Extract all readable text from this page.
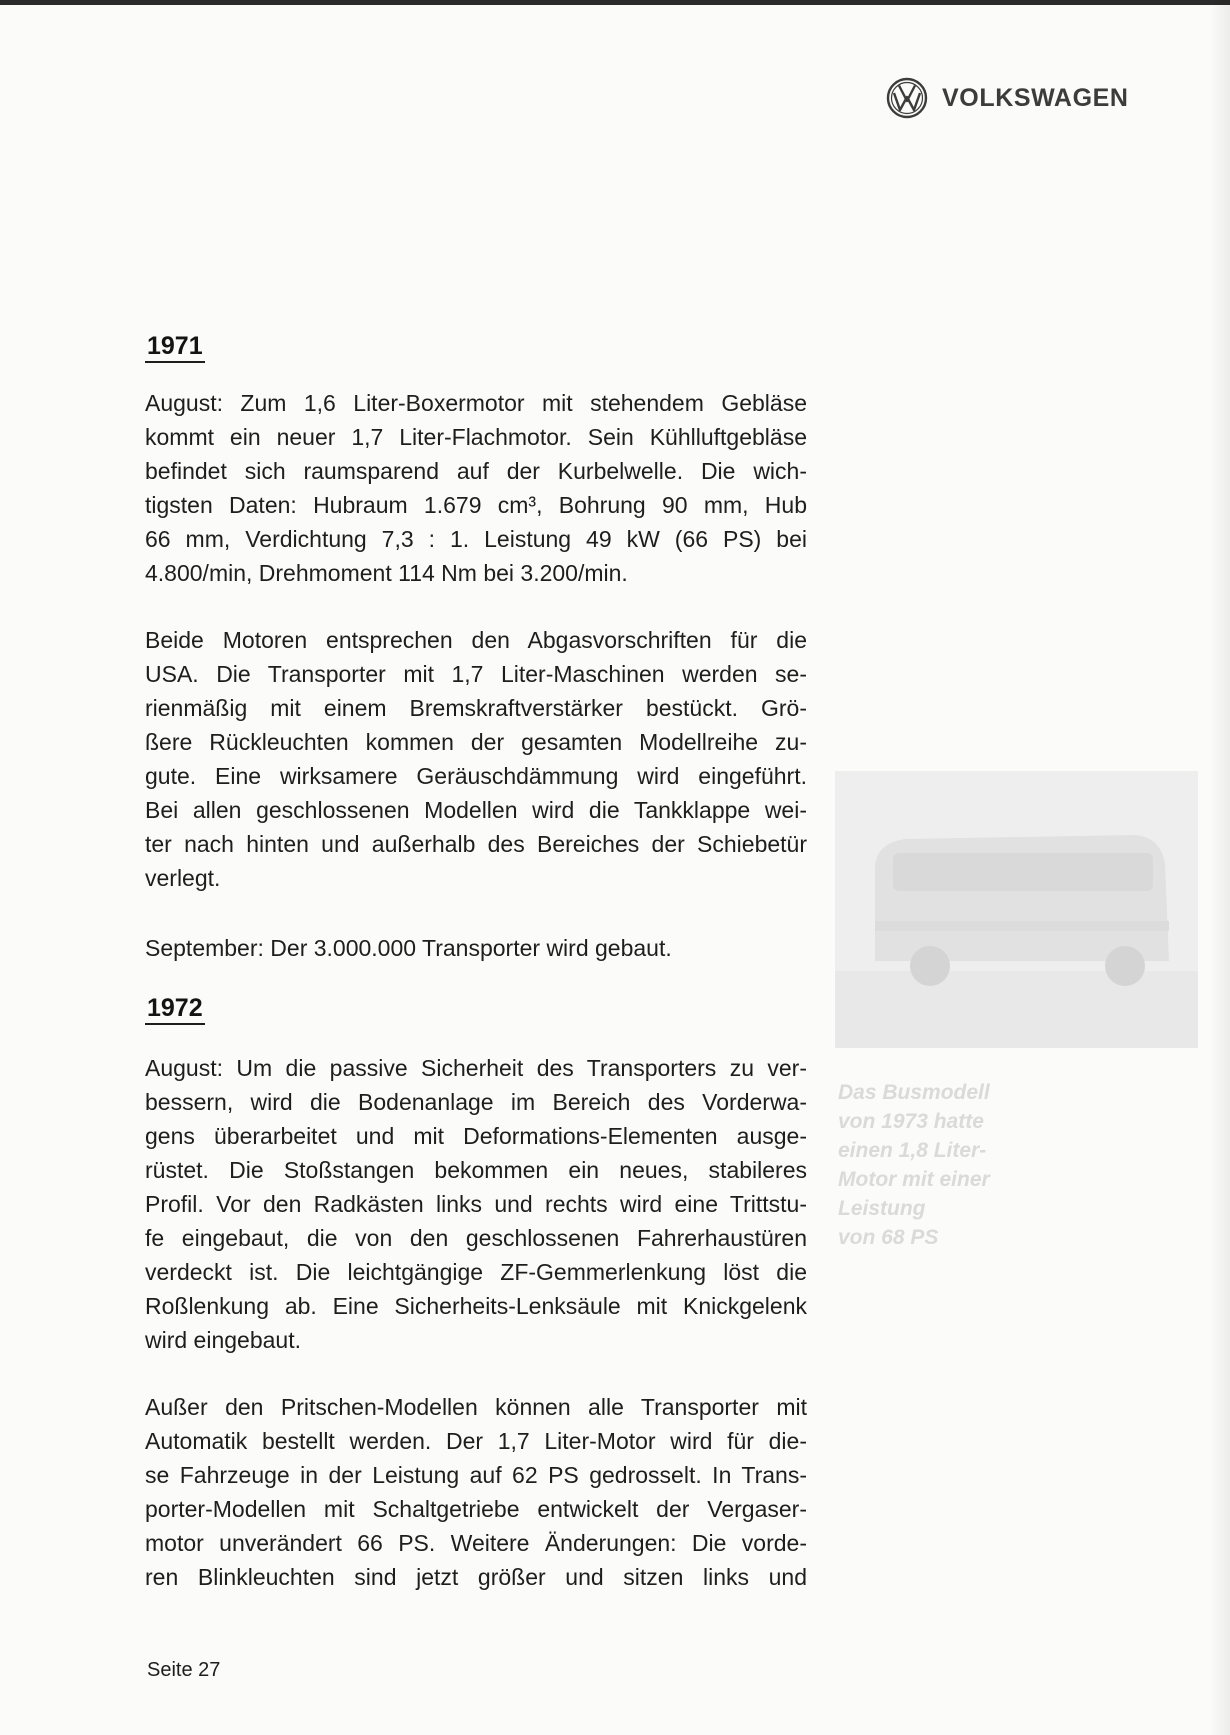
VOLKSWAGEN
1971
August: Zum 1,6 Liter-Boxermotor mit stehendem Gebläse
kommt ein neuer 1,7 Liter-Flachmotor. Sein Kühlluftgebläse
befindet sich raumsparend auf der Kurbelwelle. Die wich-
tigsten Daten: Hubraum 1.679 cm³, Bohrung 90 mm, Hub
66 mm, Verdichtung 7,3 : 1. Leistung 49 kW (66 PS) bei
4.800/min, Drehmoment 114 Nm bei 3.200/min.
Beide Motoren entsprechen den Abgasvorschriften für die
USA. Die Transporter mit 1,7 Liter-Maschinen werden se-
rienmäßig mit einem Bremskraftverstärker bestückt. Grö-
ßere Rückleuchten kommen der gesamten Modellreihe zu-
gute. Eine wirksamere Geräuschdämmung wird eingeführt.
Bei allen geschlossenen Modellen wird die Tankklappe wei-
ter nach hinten und außerhalb des Bereiches der Schiebetür
verlegt.
September: Der 3.000.000 Transporter wird gebaut.
1972
August: Um die passive Sicherheit des Transporters zu ver-
bessern, wird die Bodenanlage im Bereich des Vorderwa-
gens überarbeitet und mit Deformations-Elementen ausge-
rüstet. Die Stoßstangen bekommen ein neues, stabileres
Profil. Vor den Radkästen links und rechts wird eine Trittstu-
fe eingebaut, die von den geschlossenen Fahrerhaustüren
verdeckt ist. Die leichtgängige ZF-Gemmerlenkung löst die
Roßlenkung ab. Eine Sicherheits-Lenksäule mit Knickgelenk
wird eingebaut.
Außer den Pritschen-Modellen können alle Transporter mit
Automatik bestellt werden. Der 1,7 Liter-Motor wird für die-
se Fahrzeuge in der Leistung auf 62 PS gedrosselt. In Trans-
porter-Modellen mit Schaltgetriebe entwickelt der Vergaser-
motor unverändert 66 PS. Weitere Änderungen: Die vorde-
ren Blinkleuchten sind jetzt größer und sitzen links und
Das Busmodell
von 1973 hatte
einen 1,8 Liter-
Motor mit einer
Leistung
von 68 PS
Seite 27
